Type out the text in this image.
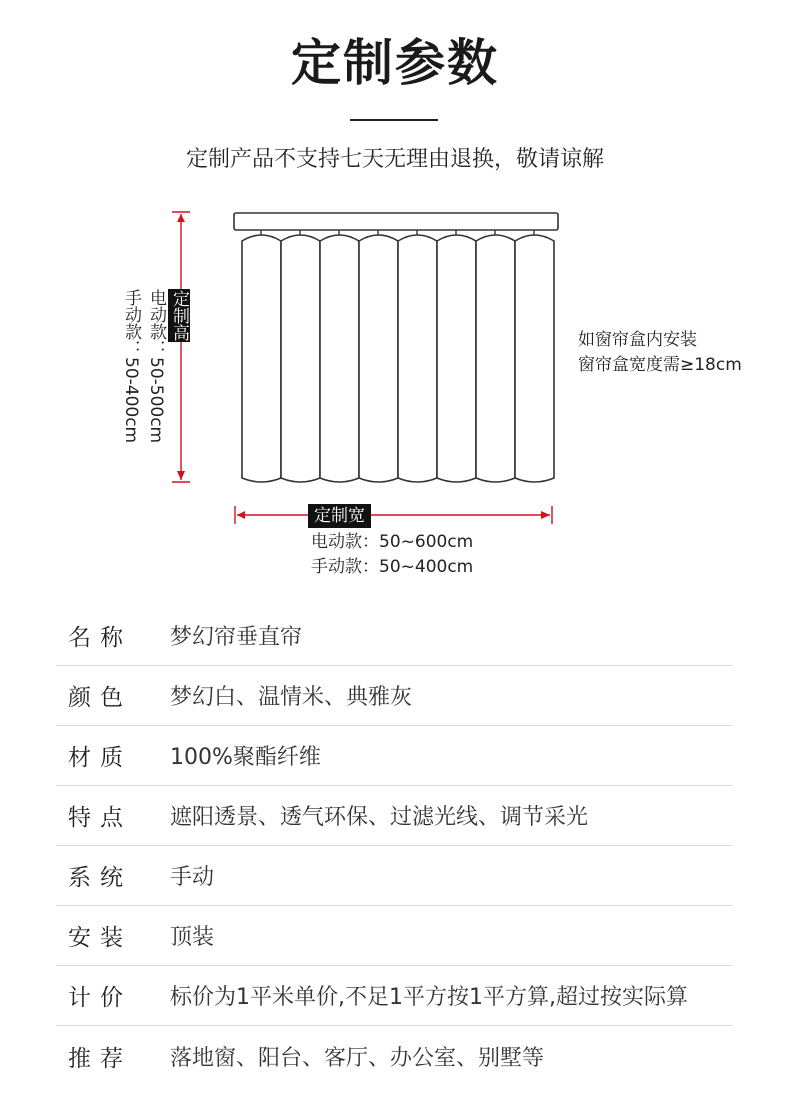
定制参数
定制产品不支持七天无理由退换，敬请谅解
定制高
电动款：50-500cm
手动款：50-400cm
定制宽
电动款：50~600cm
手动款：50~400cm
如窗帘盒内安装
窗帘盒宽度需≥18cm
名称	梦幻帘垂直帘
颜色	梦幻白、温情米、典雅灰
材质	100%聚酯纤维
特点	遮阳透景、透气环保、过滤光线、调节采光
系统	手动
安装	顶装
计价	标价为1平米单价,不足1平方按1平方算,超过按实际算
推荐	落地窗、阳台、客厅、办公室、别墅等
